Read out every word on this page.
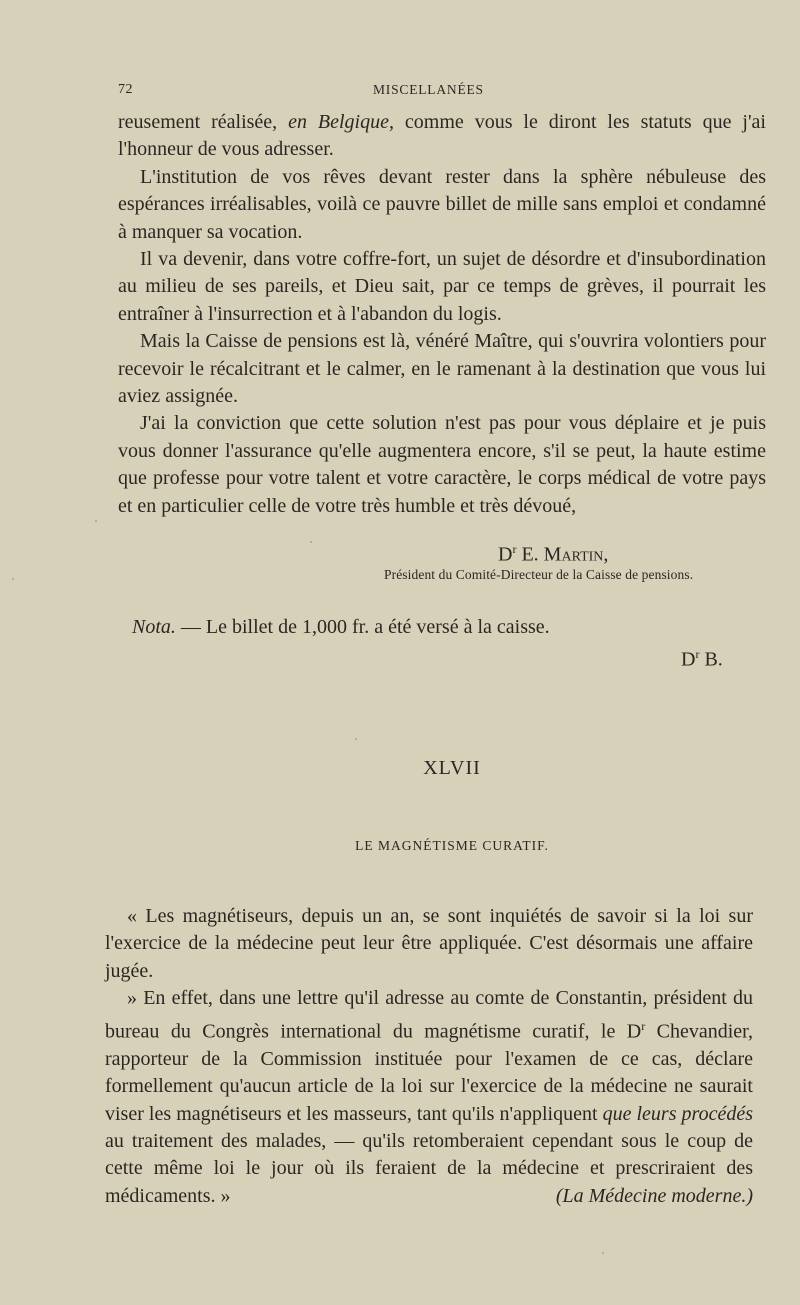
72	MISCELLANÉES

reusement réalisée, en Belgique, comme vous le diront les statuts que j'ai l'honneur de vous adresser.

L'institution de vos rêves devant rester dans la sphère nébuleuse des espérances irréalisables, voilà ce pauvre billet de mille sans emploi et condamné à manquer sa vocation.

Il va devenir, dans votre coffre-fort, un sujet de désordre et d'insubordination au milieu de ses pareils, et Dieu sait, par ce temps de grèves, il pourrait les entraîner à l'insurrection et à l'abandon du logis.

Mais la Caisse de pensions est là, vénéré Maître, qui s'ouvrira volontiers pour recevoir le récalcitrant et le calmer, en le ramenant à la destination que vous lui aviez assignée.

J'ai la conviction que cette solution n'est pas pour vous déplaire et je puis vous donner l'assurance qu'elle augmentera encore, s'il se peut, la haute estime que professe pour votre talent et votre caractère, le corps médical de votre pays et en particulier celle de votre très humble et très dévoué,

$D^r$ E. Martin,
Président du Comité-Directeur de la Caisse de pensions.
Nota. — Le billet de 1,000 fr. a été versé à la caisse.
$D^r$ B.
XLVII
LE MAGNÉTISME CURATIF.

« Les magnétiseurs, depuis un an, se sont inquiétés de savoir si la loi sur l'exercice de la médecine peut leur être appliquée. C'est désormais une affaire jugée.

» En effet, dans une lettre qu'il adresse au comte de Constantin, président du bureau du Congrès international du magnétisme curatif, le $D^r$ Chevandier, rapporteur de la Commission instituée pour l'examen de ce cas, déclare formellement qu'aucun article de la loi sur l'exercice de la médecine ne saurait viser les magnétiseurs et les masseurs, tant qu'ils n'appliquent que leurs procédés au traitement des malades, — qu'ils retomberaient cependant sous le coup de cette même loi le jour où ils feraient de la médecine et prescriraient des médicaments. »	(La Médecine moderne.)
